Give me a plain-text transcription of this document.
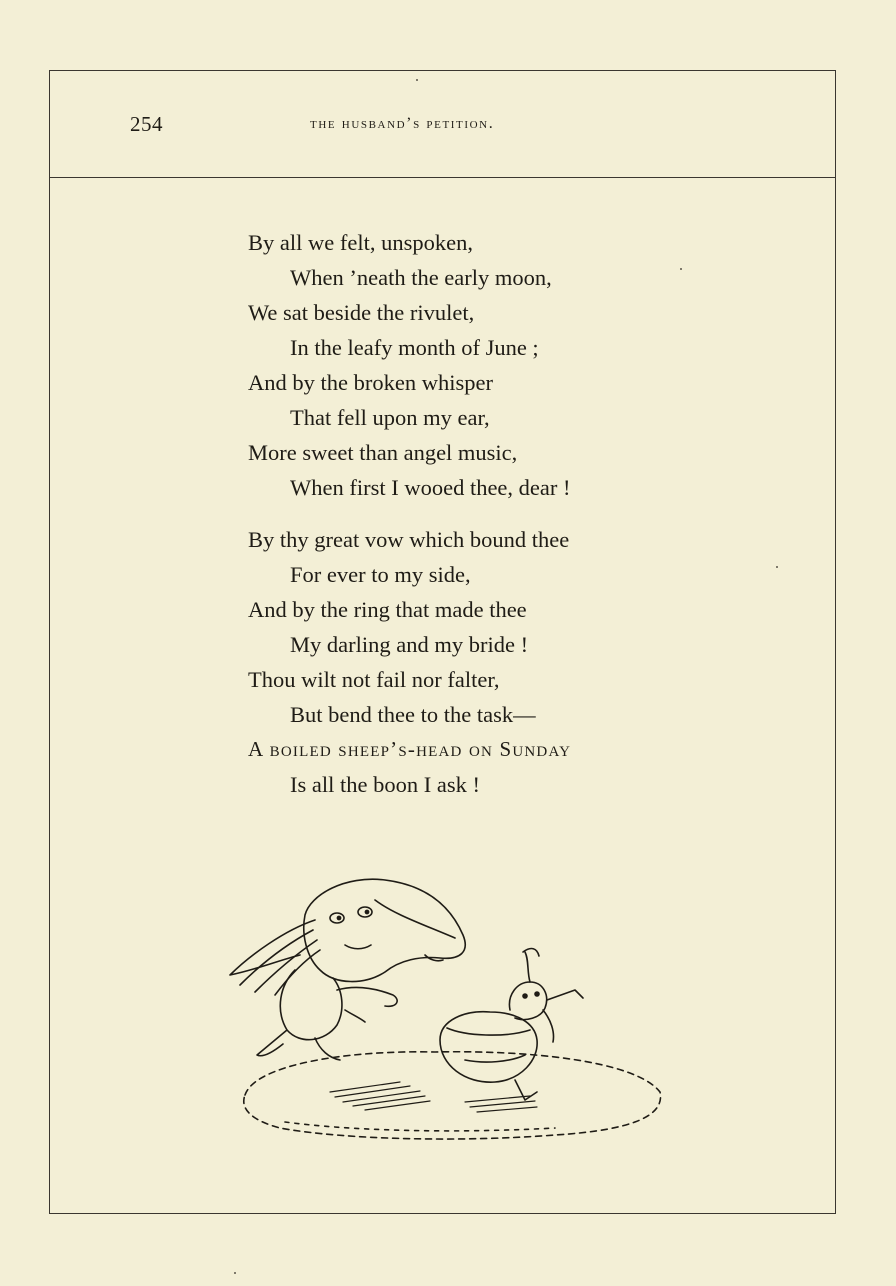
254	the husband’s petition.
By all we felt, unspoken,
When ’neath the early moon,
We sat beside the rivulet,
In the leafy month of June ;
And by the broken whisper
That fell upon my ear,
More sweet than angel music,
When first I wooed thee, dear !
By thy great vow which bound thee
For ever to my side,
And by the ring that made thee
My darling and my bride !
Thou wilt not fail nor falter,
But bend thee to the task—
A boiled sheep’s-head on Sunday
Is all the boon I ask !
